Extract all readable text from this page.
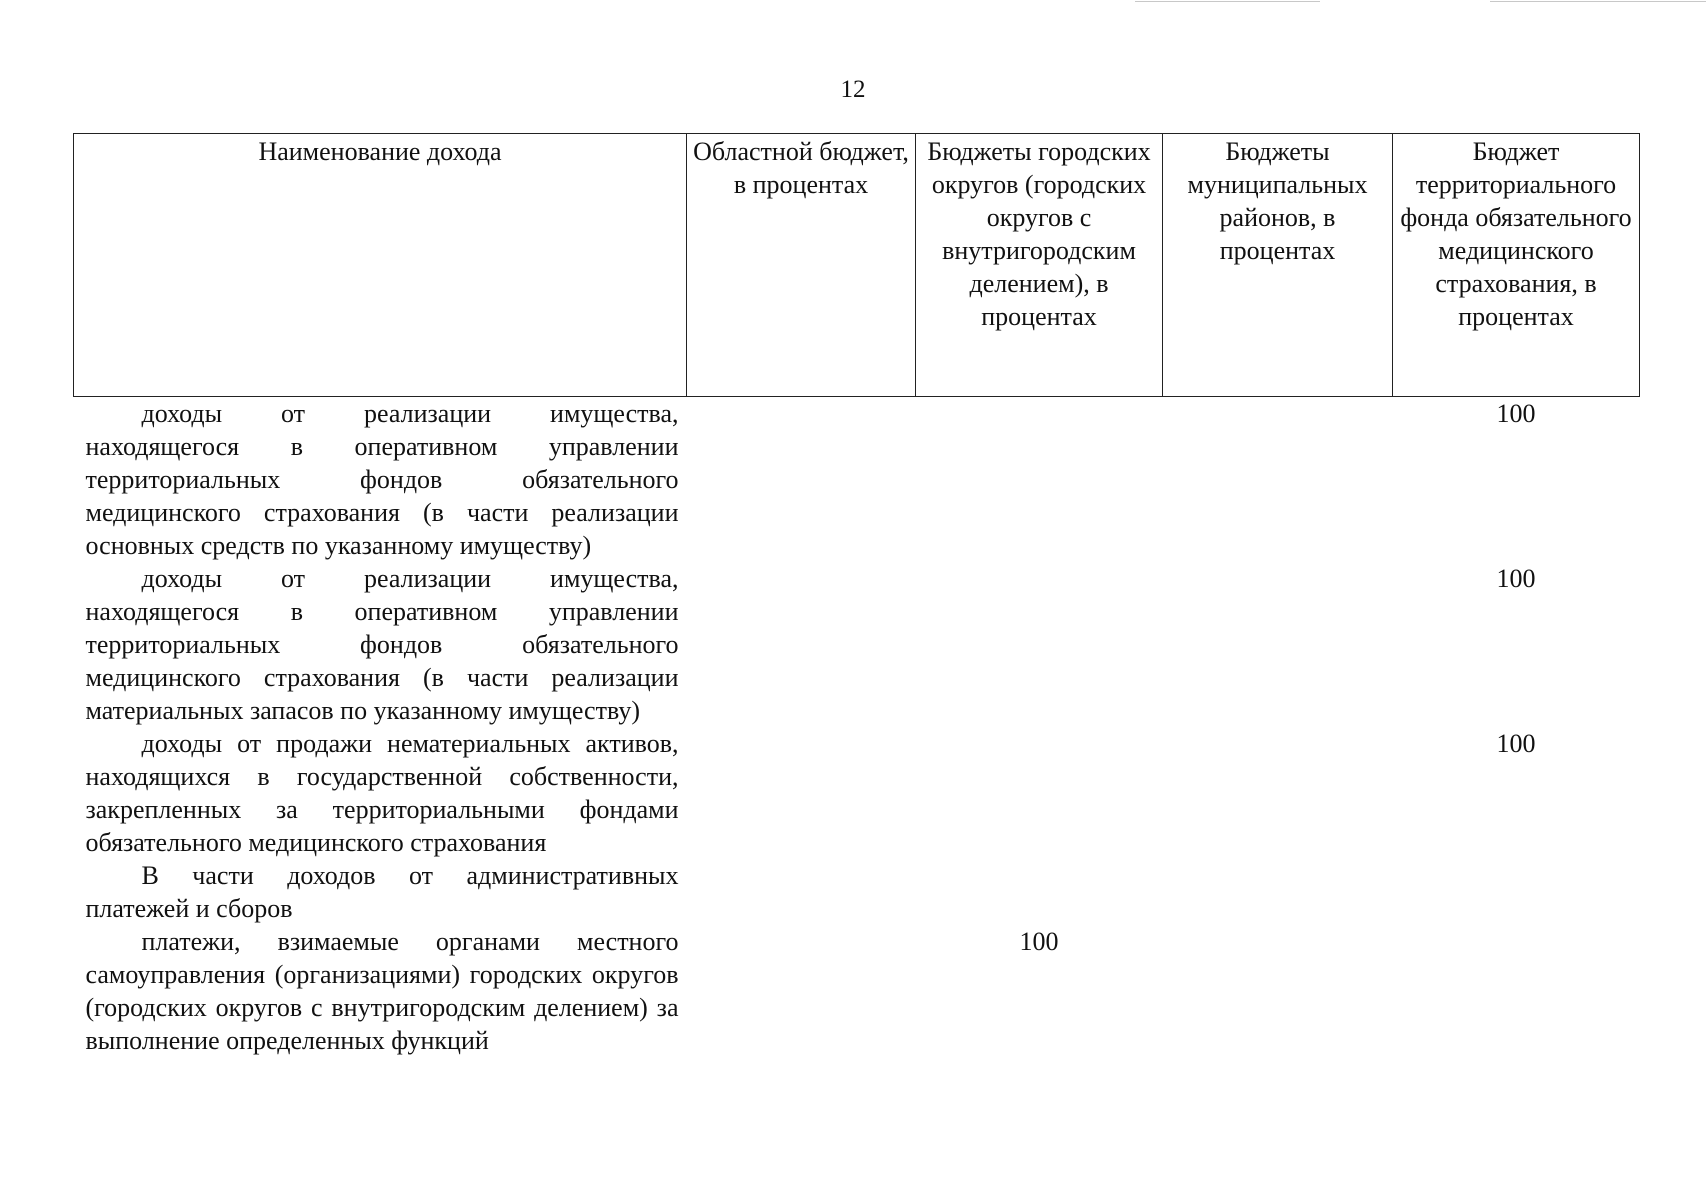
12
Наименование дохода	Областной бюджет, в процентах	Бюджеты городских округов (городских округов с внутригородским делением), в процентах	Бюджеты муниципальных районов, в процентах	Бюджет территориального фонда обязательного медицинского страхования, в процентах

доходы от реализации имущества, находящегося в оперативном управлении территориальных фондов обязательного медицинского страхования (в части реализации основных средств по указанному имуществу)				100

доходы от реализации имущества, находящегося в оперативном управлении территориальных фондов обязательного медицинского страхования (в части реализации материальных запасов по указанному имуществу)				100

доходы от продажи нематериальных активов, находящихся в государственной собственности, закрепленных за территориальными фондами обязательного медицинского страхования				100

В части доходов от административных платежей и сборов				

платежи, взимаемые органами местного самоуправления (организациями) городских округов (городских округов с внутригородским делением) за выполнение определенных функций		100		
